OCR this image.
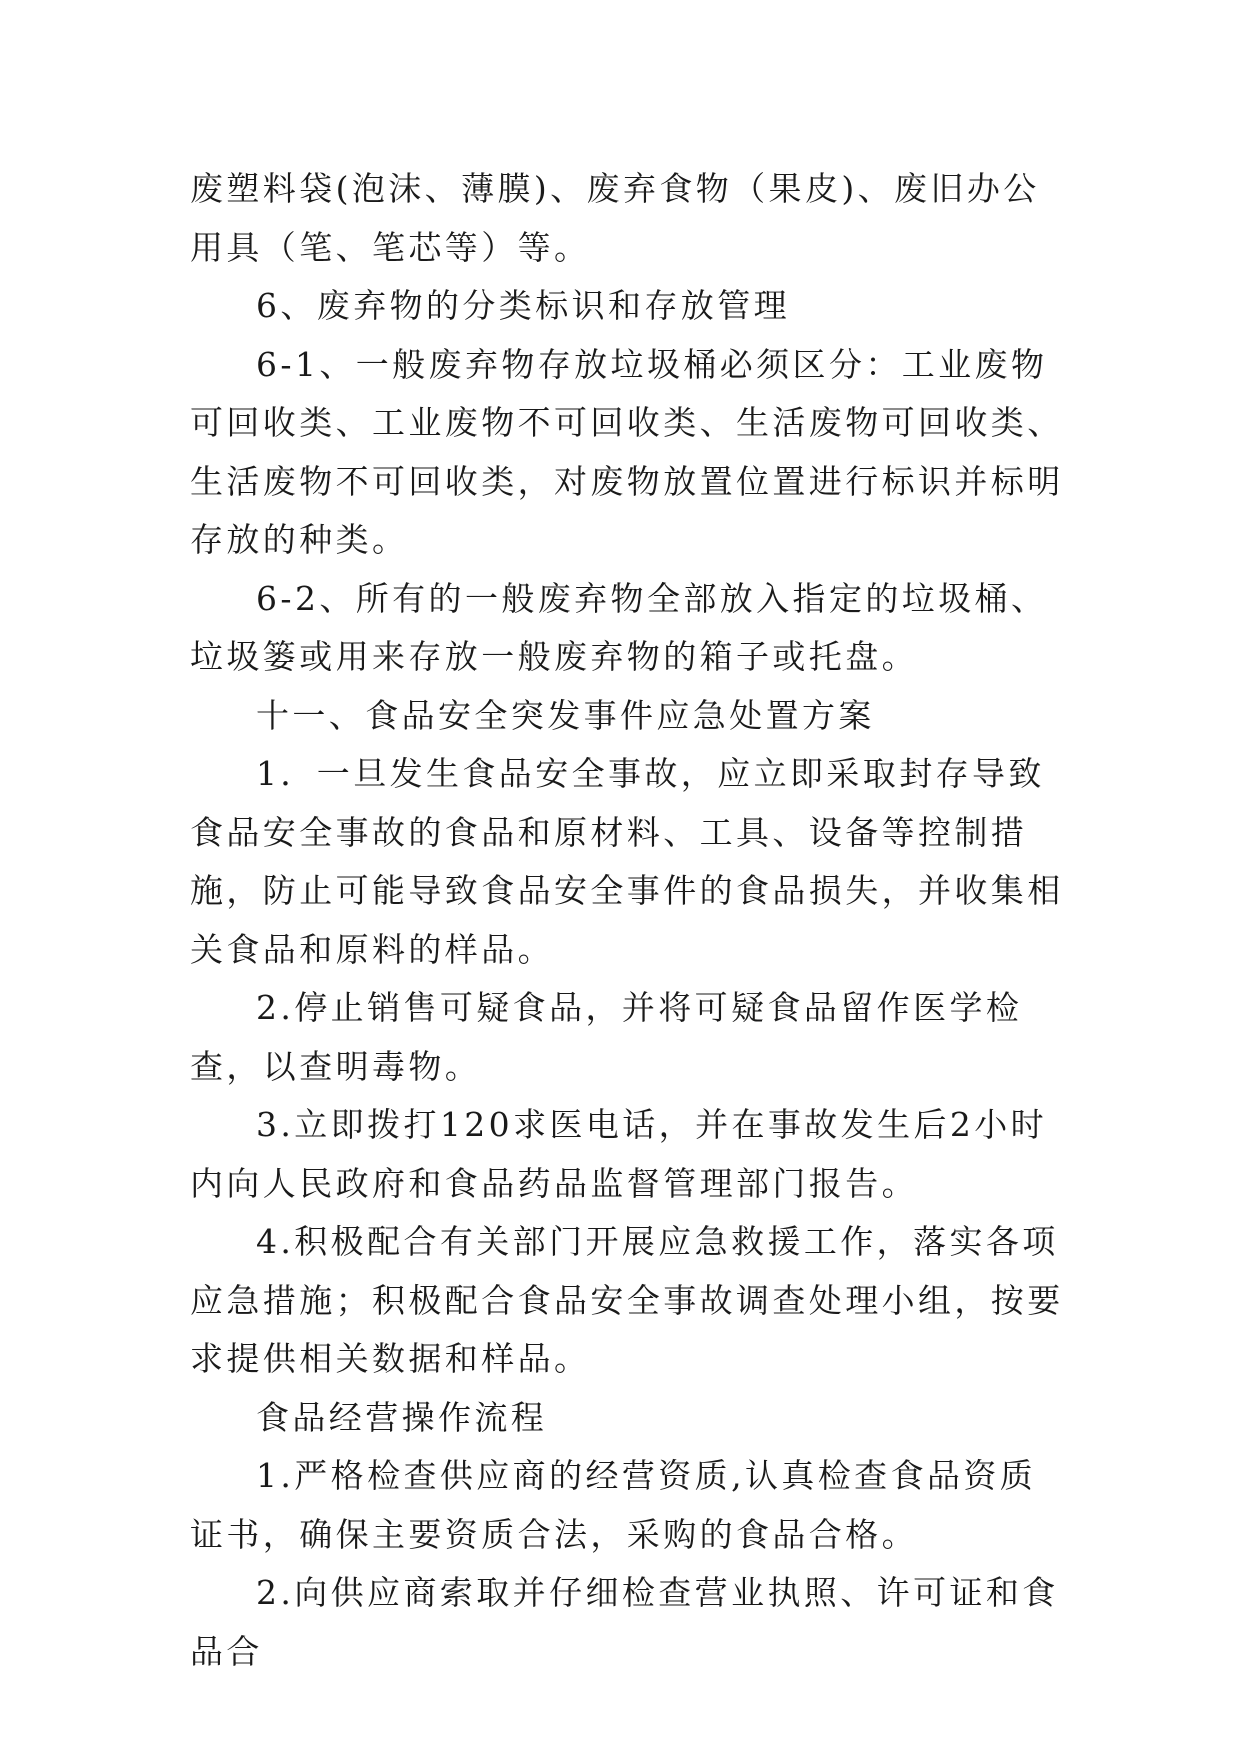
废塑料袋(泡沫、薄膜)、废弃食物（果皮)、废旧办公用具（笔、笔芯等）等。

6、废弃物的分类标识和存放管理

6-1、一般废弃物存放垃圾桶必须区分：工业废物可回收类、工业废物不可回收类、生活废物可回收类、生活废物不可回收类，对废物放置位置进行标识并标明存放的种类。

6-2、所有的一般废弃物全部放入指定的垃圾桶、垃圾篓或用来存放一般废弃物的箱子或托盘。

十一、食品安全突发事件应急处置方案

1．一旦发生食品安全事故，应立即采取封存导致食品安全事故的食品和原材料、工具、设备等控制措施，防止可能导致食品安全事件的食品损失，并收集相关食品和原料的样品。

2.停止销售可疑食品，并将可疑食品留作医学检查，以查明毒物。

3.立即拨打120求医电话，并在事故发生后2小时内向人民政府和食品药品监督管理部门报告。

4.积极配合有关部门开展应急救援工作，落实各项应急措施；积极配合食品安全事故调查处理小组，按要求提供相关数据和样品。

食品经营操作流程

1.严格检查供应商的经营资质,认真检查食品资质证书，确保主要资质合法，采购的食品合格。

2.向供应商索取并仔细检查营业执照、许可证和食品合
